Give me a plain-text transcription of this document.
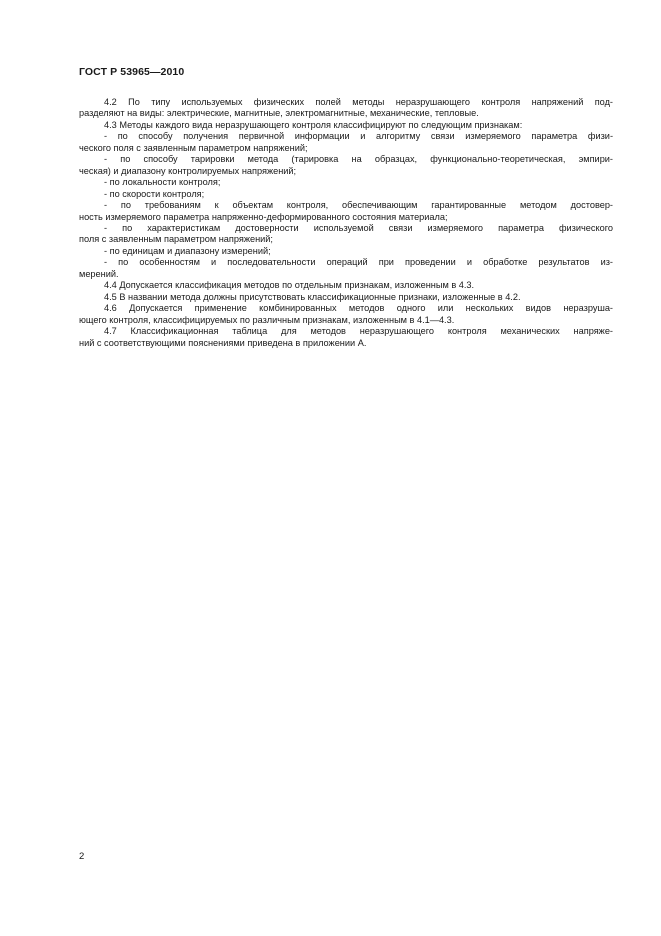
ГОСТ Р 53965—2010
4.2 По типу используемых физических полей методы неразрушающего контроля напряжений под-
разделяют на виды: электрические, магнитные, электромагнитные, механические, тепловые.
4.3 Методы каждого вида неразрушающего контроля классифицируют по следующим признакам:
- по способу получения первичной информации и алгоритму связи измеряемого параметра физи-
ческого поля с заявленным параметром напряжений;
- по способу тарировки метода (тарировка на образцах, функционально-теоретическая, эмпири-
ческая) и диапазону контролируемых напряжений;
- по локальности контроля;
- по скорости контроля;
- по требованиям к объектам контроля, обеспечивающим гарантированные методом достовер-
ность измеряемого параметра напряженно-деформированного состояния материала;
- по характеристикам достоверности используемой связи измеряемого параметра физического
поля с заявленным параметром напряжений;
- по единицам и диапазону измерений;
- по особенностям и последовательности операций при проведении и обработке результатов из-
мерений.
4.4 Допускается классификация методов по отдельным признакам, изложенным в 4.3.
4.5 В названии метода должны присутствовать классификационные признаки, изложенные в 4.2.
4.6 Допускается применение комбинированных методов одного или нескольких видов неразруша-
ющего контроля, классифицируемых по различным признакам, изложенным в 4.1—4.3.
4.7 Классификационная таблица для методов неразрушающего контроля механических напряже-
ний с соответствующими пояснениями приведена в приложении А.
2
